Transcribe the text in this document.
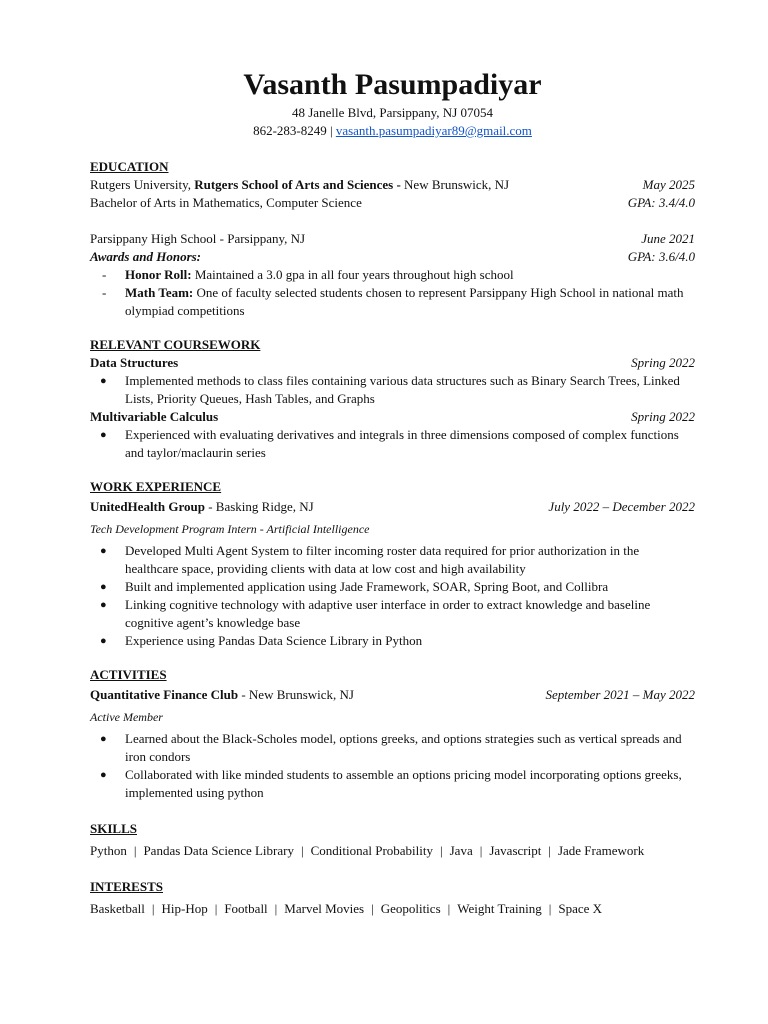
Vasanth Pasumpadiyar
48 Janelle Blvd, Parsippany, NJ 07054
862-283-8249 | vasanth.pasumpadiyar89@gmail.com
EDUCATION
Rutgers University, Rutgers School of Arts and Sciences - New Brunswick, NJ	May 2025
Bachelor of Arts in Mathematics, Computer Science	GPA: 3.4/4.0
Parsippany High School - Parsippany, NJ	June 2021
Awards and Honors:	GPA: 3.6/4.0
- Honor Roll: Maintained a 3.0 gpa in all four years throughout high school
- Math Team: One of faculty selected students chosen to represent Parsippany High School in national math olympiad competitions
RELEVANT COURSEWORK
Data Structures	Spring 2022
● Implemented methods to class files containing various data structures such as Binary Search Trees, Linked Lists, Priority Queues, Hash Tables, and Graphs
Multivariable Calculus	Spring 2022
● Experienced with evaluating derivatives and integrals in three dimensions composed of complex functions and taylor/maclaurin series
WORK EXPERIENCE
UnitedHealth Group - Basking Ridge, NJ	July 2022 – December 2022
Tech Development Program Intern - Artificial Intelligence
● Developed Multi Agent System to filter incoming roster data required for prior authorization in the healthcare space, providing clients with data at low cost and high availability
● Built and implemented application using Jade Framework, SOAR, Spring Boot, and Collibra
● Linking cognitive technology with adaptive user interface in order to extract knowledge and baseline cognitive agent’s knowledge base
● Experience using Pandas Data Science Library in Python
ACTIVITIES
Quantitative Finance Club - New Brunswick, NJ	September 2021 – May 2022
Active Member
● Learned about the Black-Scholes model, options greeks, and options strategies such as vertical spreads and iron condors
● Collaborated with like minded students to assemble an options pricing model incorporating options greeks, implemented using python
SKILLS
Python | Pandas Data Science Library | Conditional Probability | Java | Javascript | Jade Framework
INTERESTS
Basketball | Hip-Hop | Football | Marvel Movies | Geopolitics | Weight Training | Space X
